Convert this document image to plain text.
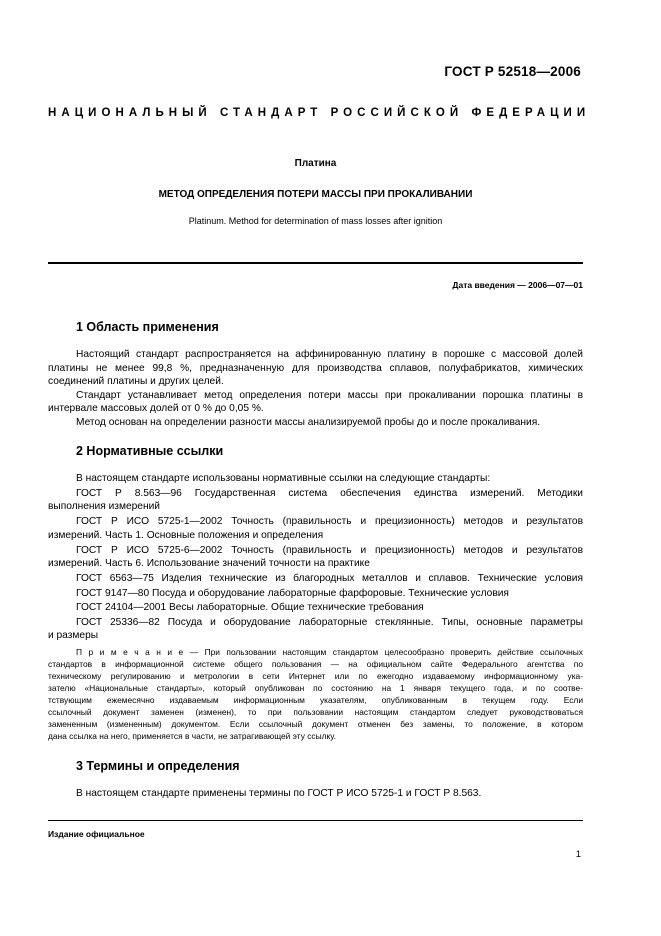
ГОСТ Р 52518—2006
НАЦИОНАЛЬНЫЙ СТАНДАРТ РОССИЙСКОЙ ФЕДЕРАЦИИ
Платина
МЕТОД ОПРЕДЕЛЕНИЯ ПОТЕРИ МАССЫ ПРИ ПРОКАЛИВАНИИ
Platinum. Method for determination of mass losses after ignition
Дата введения — 2006—07—01
1 Область применения
Настоящий стандарт распространяется на аффинированную платину в порошке с массовой долей
платины не менее 99,8 %, предназначенную для производства сплавов, полуфабрикатов, химических
соединений платины и других целей.
Стандарт устанавливает метод определения потери массы при прокаливании порошка платины в
интервале массовых долей от 0 % до 0,05 %.
Метод основан на определении разности массы анализируемой пробы до и после прокаливания.
2 Нормативные ссылки
В настоящем стандарте использованы нормативные ссылки на следующие стандарты:
ГОСТ Р 8.563—96 Государственная система обеспечения единства измерений. Методики
выполнения измерений
ГОСТ Р ИСО 5725-1—2002 Точность (правильность и прецизионность) методов и результатов
измерений. Часть 1. Основные положения и определения
ГОСТ Р ИСО 5725-6—2002 Точность (правильность и прецизионность) методов и результатов
измерений. Часть 6. Использование значений точности на практике
ГОСТ 6563—75 Изделия технические из благородных металлов и сплавов. Технические условия
ГОСТ 9147—80 Посуда и оборудование лабораторные фарфоровые. Технические условия
ГОСТ 24104—2001 Весы лабораторные. Общие технические требования
ГОСТ 25336—82 Посуда и оборудование лабораторные стеклянные. Типы, основные параметры
и размеры
П р и м е ч а н и е — При пользовании настоящим стандартом целесообразно проверить действие ссылочных
стандартов в информационной системе общего пользования — на официальном сайте Федерального агентства по
техническому регулированию и метрологии в сети Интернет или по ежегодно издаваемому информационному ука-
зателю «Национальные стандарты», который опубликован по состоянию на 1 января текущего года, и по соотве-
тствующим ежемесячно издаваемым информационным указателям, опубликованным в текущем году. Если
ссылочный документ заменен (изменен), то при пользовании настоящим стандартом следует руководствоваться
замененным (измененным) документом. Если ссылочный документ отменен без замены, то положение, в котором
дана ссылка на него, применяется в части, не затрагивающей эту ссылку.
3 Термины и определения
В настоящем стандарте применены термины по ГОСТ Р ИСО 5725-1 и ГОСТ Р 8.563.
Издание официальное
1
